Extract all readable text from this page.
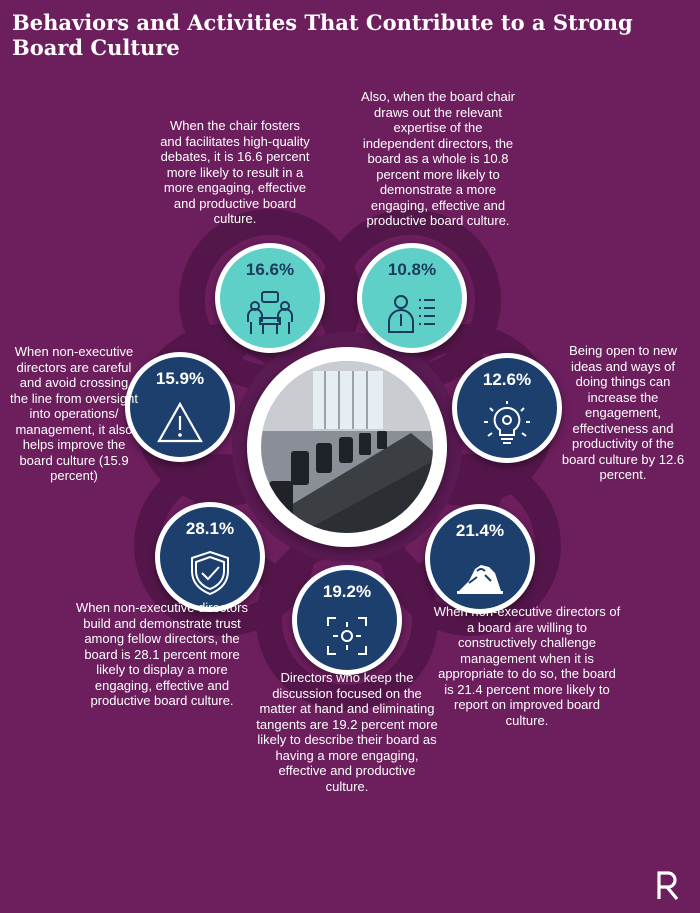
Behaviors and Activities That Contribute to a Strong Board Culture
16.6%

When the chair fosters and facilitates high-quality debates, it is 16.6 percent more likely to result in a more engaging, effective and productive board culture.

10.8%

Also, when the board chair draws out the relevant expertise of the independent directors, the board as a whole is 10.8 percent more likely to demonstrate a more engaging, effective and productive board culture.

12.6%

Being open to new ideas and ways of doing things can increase the engagement, effectiveness and productivity of the board culture by 12.6 percent.

21.4%

When non-executive directors of a board are willing to constructively challenge management when it is appropriate to do so, the board is 21.4 percent more likely to report on improved board culture.

19.2%

Directors who keep the discussion focused on the matter at hand and eliminating tangents are 19.2 percent more likely to describe their board as having a more engaging, effective and productive culture.

28.1%

When non-executive directors build and demonstrate trust among fellow directors, the board is 28.1 percent more likely to display a more engaging, effective and productive board culture.

15.9%

When non-executive directors are careful and avoid crossing the line from oversight into operations/ management, it also helps improve the board culture (15.9 percent)
